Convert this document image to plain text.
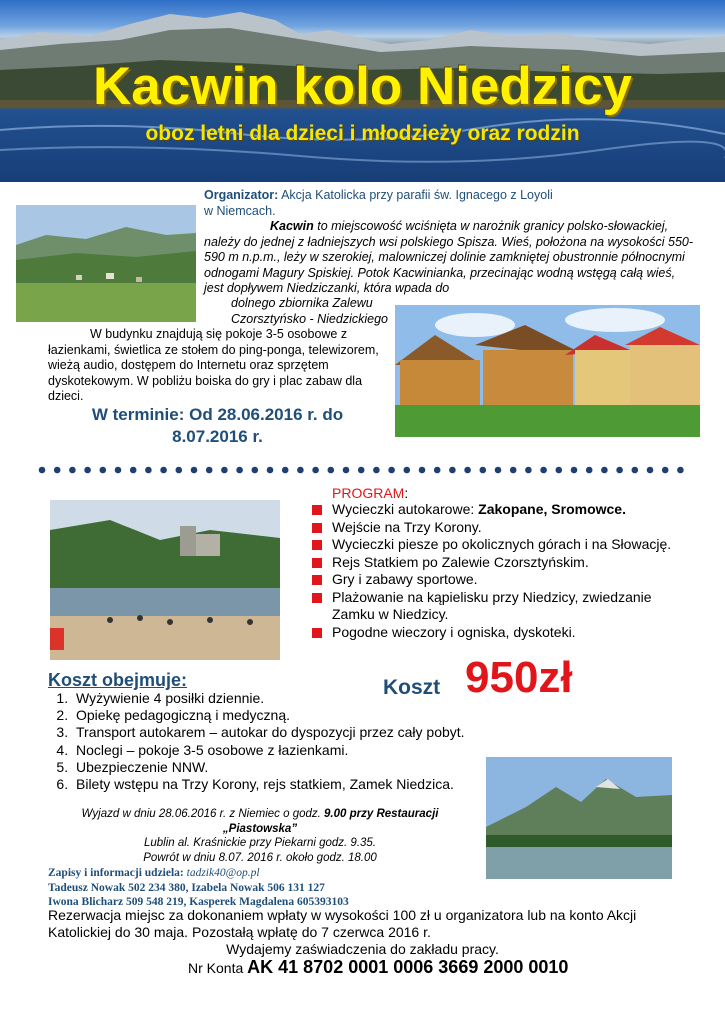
Kacwin kolo Niedzicy
oboz letni dla dzieci i młodzieży oraz rodzin
Organizator: Akcja Katolicka przy parafii św. Ignacego z Loyoli
w Niemcach.
Kacwin to miejscowość wciśnięta w narożnik granicy polsko-słowackiej, należy do jednej z ładniejszych wsi polskiego Spisza. Wieś, położona na wysokości 550-590 m n.p.m., leży w szerokiej, malowniczej dolinie zamkniętej obustronnie północnymi odnogami Magury Spiskiej. Potok Kacwinianka, przecinając wodną wstęgą całą wieś, jest dopływem Niedziczanki, która wpada do
dolnego zbiornika Zalewu
Czorsztyńsko - Niedzickiego
W budynku znajdują się pokoje 3-5 osobowe z łazienkami, świetlica ze stołem do ping-ponga, telewizorem, wieżą audio, dostępem do Internetu oraz sprzętem dyskotekowym. W pobliżu boiska do gry i plac zabaw dla dzieci.
W terminie: Od 28.06.2016 r. do
8.07.2016 r.
PROGRAM:
Wycieczki autokarowe: Zakopane, Sromowce.
Wejście na Trzy Korony.
Wycieczki piesze po okolicznych górach i na Słowację.
Rejs Statkiem po Zalewie Czorsztyńskim.
Gry i zabawy sportowe.
Plażowanie na kąpielisku przy Niedzicy, zwiedzanie Zamku w Niedzicy.
Pogodne wieczory i ogniska, dyskoteki.
Koszt obejmuje:	Koszt 950zł
1. Wyżywienie 4 posiłki dziennie.
2. Opiekę pedagogiczną i medyczną.
3. Transport autokarem – autokar do dyspozycji przez cały pobyt.
4. Noclegi – pokoje 3-5 osobowe z łazienkami.
5. Ubezpieczenie NNW.
6. Bilety wstępu na Trzy Korony, rejs statkiem, Zamek Niedzica.
Wyjazd w dniu 28.06.2016 r. z Niemiec o godz. 9.00 przy Restauracji
„Piastowska”
Lublin al. Kraśnickie przy Piekarni godz. 9.35.
Powrót w dniu 8.07. 2016 r. około godz. 18.00
Zapisy i informacji udziela: tadzik40@op.pl
Tadeusz Nowak 502 234 380, Izabela Nowak 506 131 127
Iwona Blicharz 509 548 219, Kasperek Magdalena 605393103
Rezerwacja miejsc za dokonaniem wpłaty w wysokości 100 zł u organizatora lub na konto Akcji
Katolickiej do 30 maja. Pozostałą wpłatę do 7 czerwca 2016 r.
Wydajemy zaświadczenia do zakładu pracy.
Nr Konta AK 41 8702 0001 0006 3669 2000 0010
